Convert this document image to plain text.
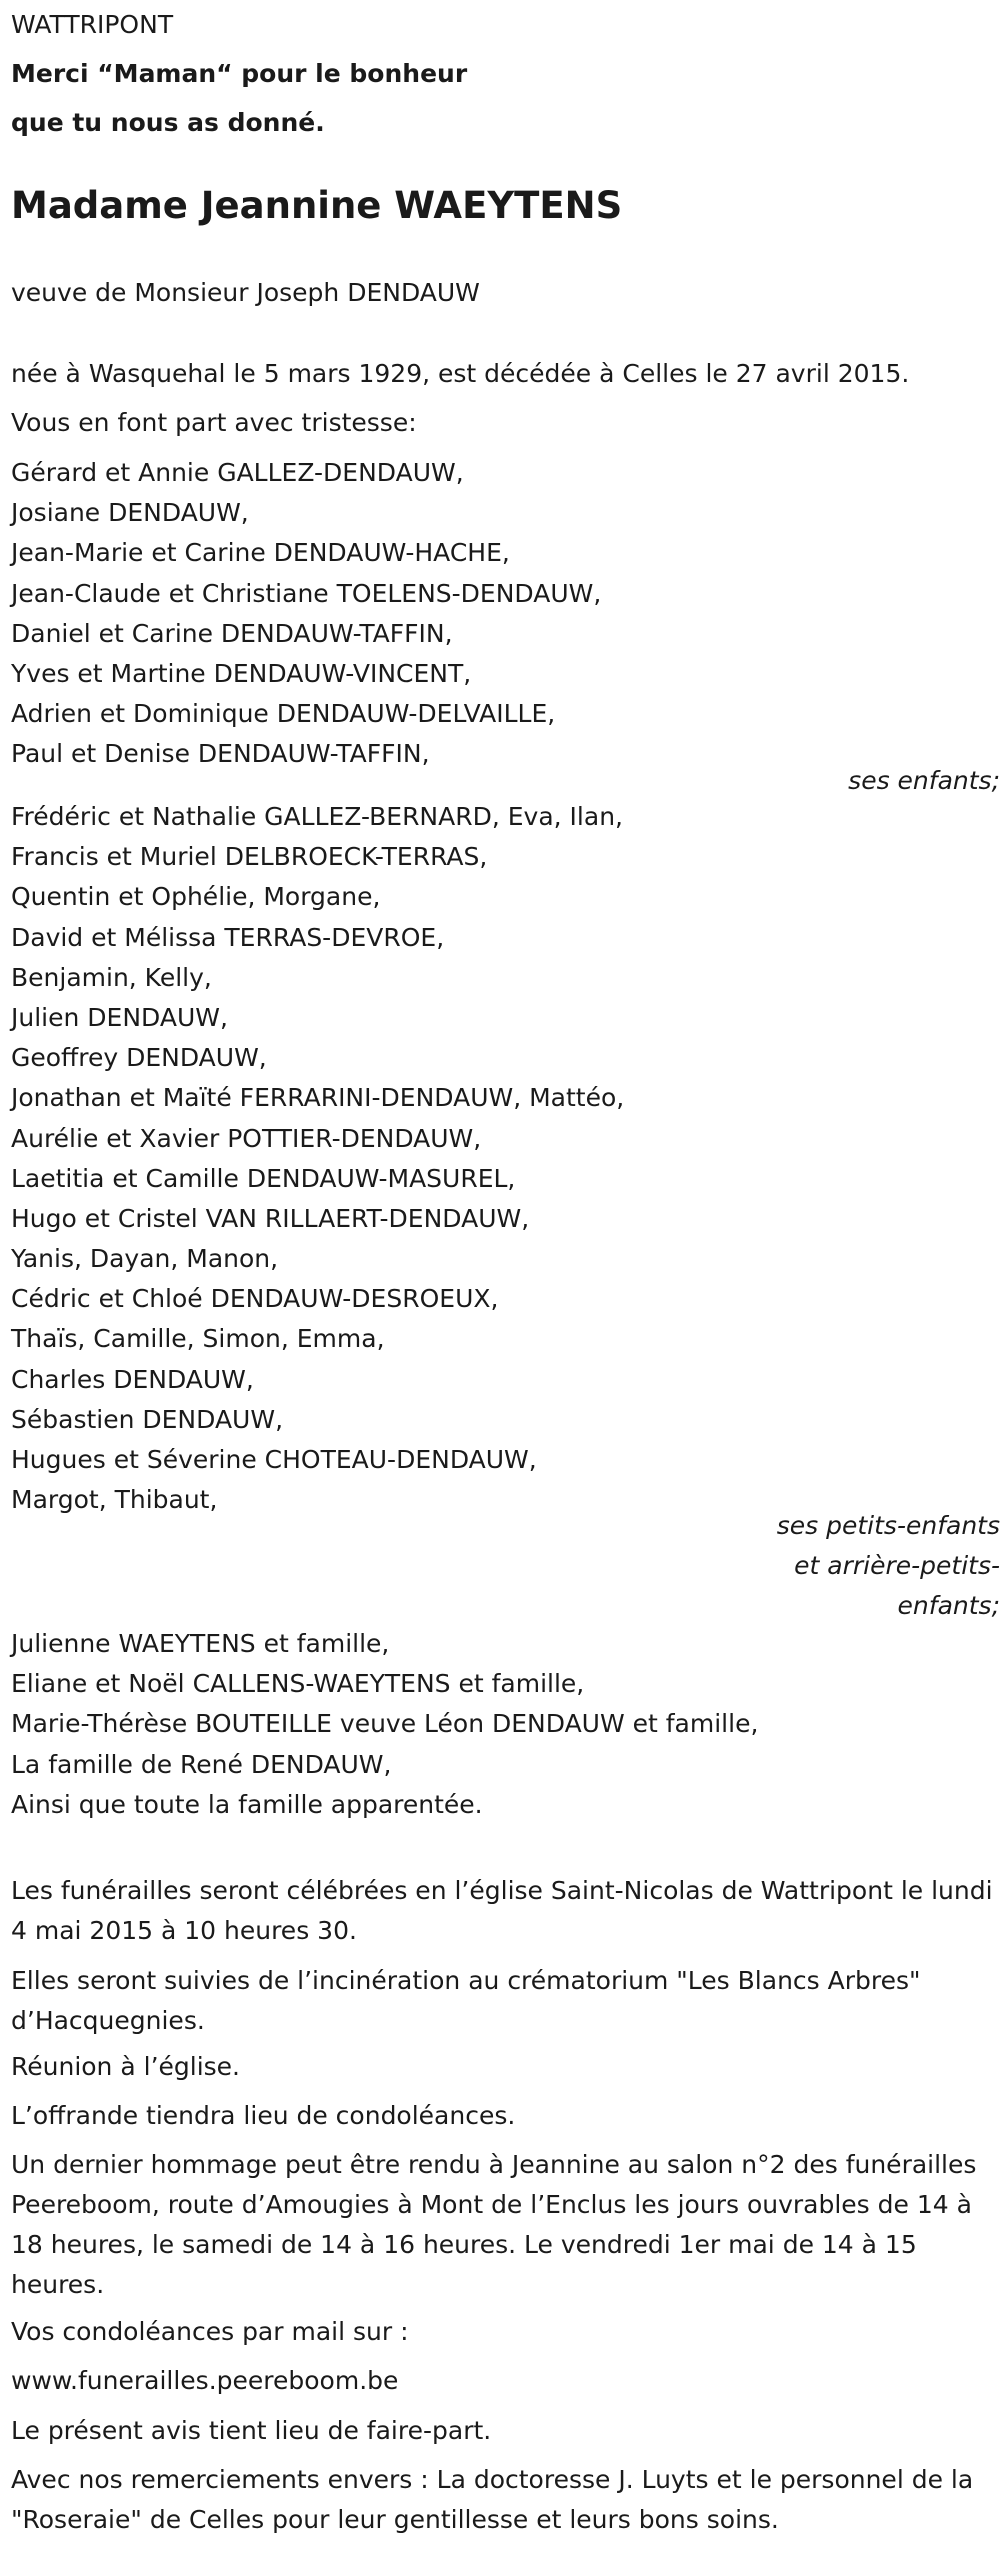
WATTRIPONT
Merci “Maman“ pour le bonheur
que tu nous as donné.
Madame Jeannine WAEYTENS
veuve de Monsieur Joseph DENDAUW
née à Wasquehal le 5 mars 1929, est décédée à Celles le 27 avril 2015.
Vous en font part avec tristesse:
Gérard et Annie GALLEZ-DENDAUW,
Josiane DENDAUW,
Jean-Marie et Carine DENDAUW-HACHE,
Jean-Claude et Christiane TOELENS-DENDAUW,
Daniel et Carine DENDAUW-TAFFIN,
Yves et Martine DENDAUW-VINCENT,
Adrien et Dominique DENDAUW-DELVAILLE,
Paul et Denise DENDAUW-TAFFIN,
ses enfants;
Frédéric et Nathalie GALLEZ-BERNARD, Eva, Ilan,
Francis et Muriel DELBROECK-TERRAS,
Quentin et Ophélie, Morgane,
David et Mélissa TERRAS-DEVROE,
Benjamin, Kelly,
Julien DENDAUW,
Geoffrey DENDAUW,
Jonathan et Maïté FERRARINI-DENDAUW, Mattéo,
Aurélie et Xavier POTTIER-DENDAUW,
Laetitia et Camille DENDAUW-MASUREL,
Hugo et Cristel VAN RILLAERT-DENDAUW,
Yanis, Dayan, Manon,
Cédric et Chloé DENDAUW-DESROEUX,
Thaïs, Camille, Simon, Emma,
Charles DENDAUW,
Sébastien DENDAUW,
Hugues et Séverine CHOTEAU-DENDAUW,
Margot, Thibaut,
ses petits-enfants
et arrière-petits-
enfants;
Julienne WAEYTENS et famille,
Eliane et Noël CALLENS-WAEYTENS et famille,
Marie-Thérèse BOUTEILLE veuve Léon DENDAUW et famille,
La famille de René DENDAUW,
Ainsi que toute la famille apparentée.
Les funérailles seront célébrées en l’église Saint-Nicolas de Wattripont le lundi 4 mai 2015 à 10 heures 30.
Elles seront suivies de l’incinération au crématorium "Les Blancs Arbres" d’Hacquegnies.
Réunion à l’église.
L’offrande tiendra lieu de condoléances.
Un dernier hommage peut être rendu à Jeannine au salon n°2 des funérailles Peereboom, route d’Amougies à Mont de l’Enclus les jours ouvrables de 14 à 18 heures, le samedi de 14 à 16 heures. Le vendredi 1er mai de 14 à 15 heures.
Vos condoléances par mail sur :
www.funerailles.peereboom.be
Le présent avis tient lieu de faire-part.
Avec nos remerciements envers : La doctoresse J. Luyts et le personnel de la "Roseraie" de Celles pour leur gentillesse et leurs bons soins.
